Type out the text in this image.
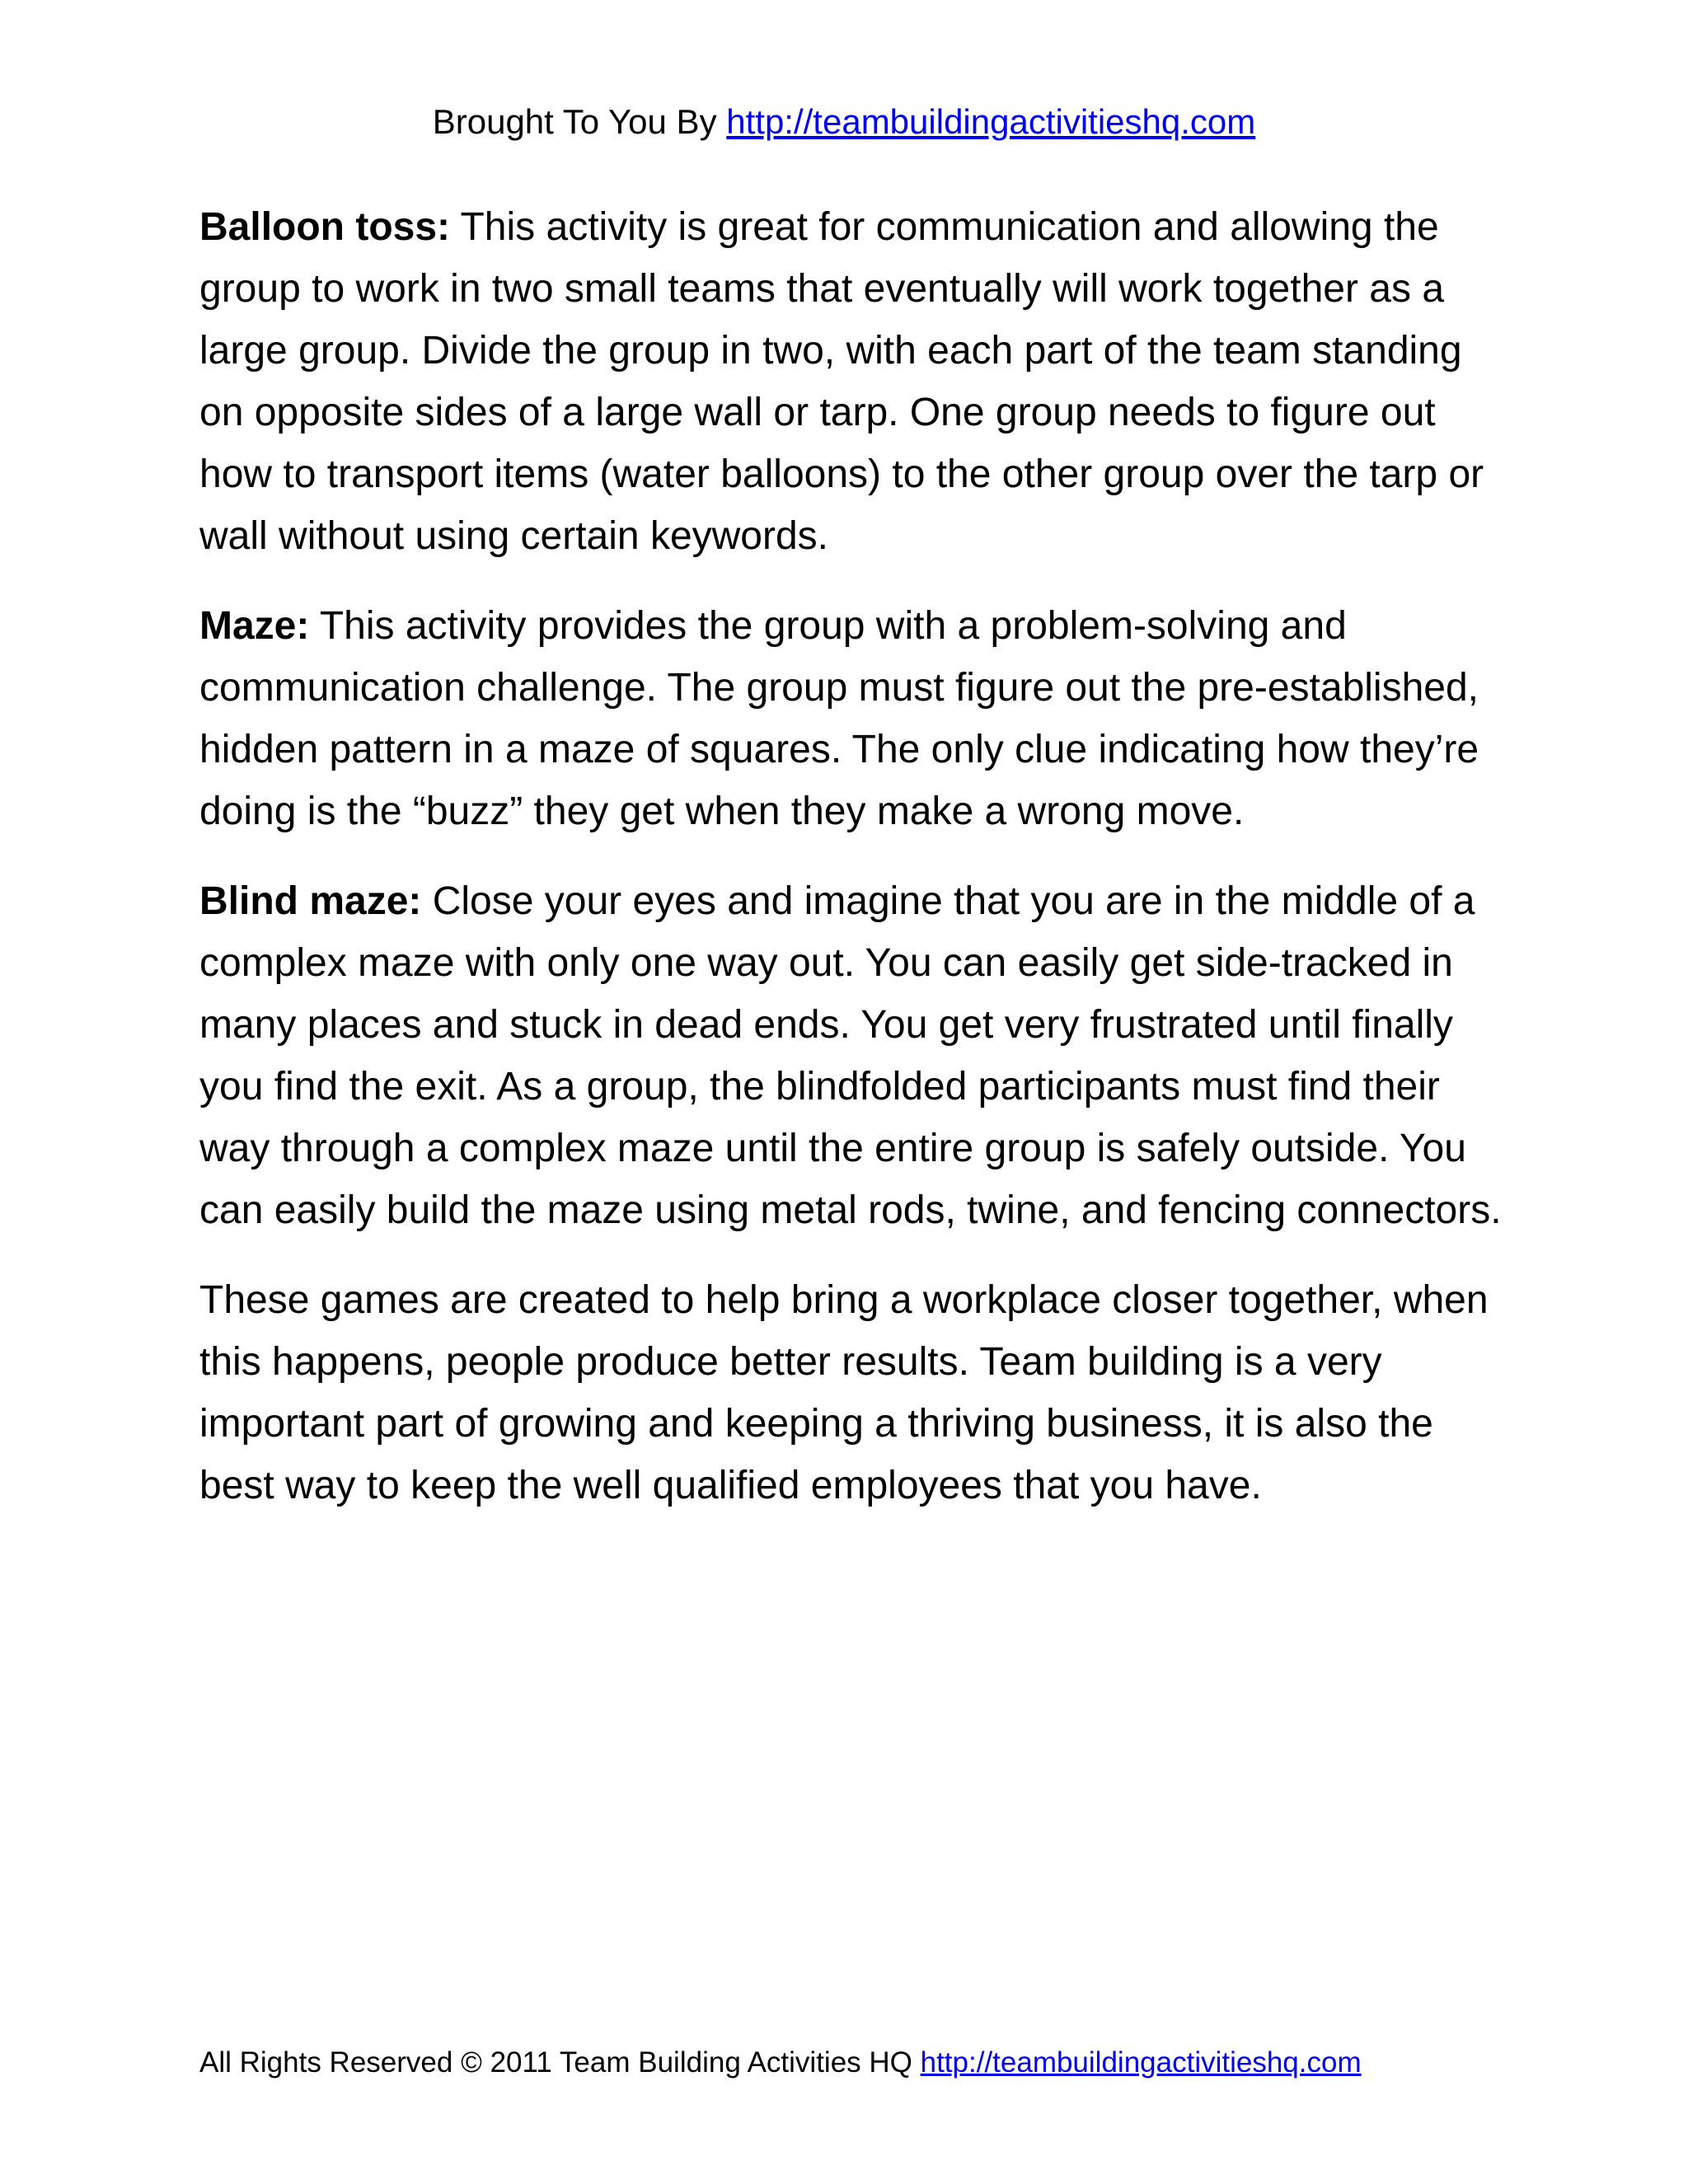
Brought To You By http://teambuildingactivitieshq.com

Balloon toss: This activity is great for communication and allowing the group to work in two small teams that eventually will work together as a large group. Divide the group in two, with each part of the team standing on opposite sides of a large wall or tarp. One group needs to figure out how to transport items (water balloons) to the other group over the tarp or wall without using certain keywords.

Maze: This activity provides the group with a problem-solving and communication challenge. The group must figure out the pre-established, hidden pattern in a maze of squares. The only clue indicating how they’re doing is the “buzz” they get when they make a wrong move.

Blind maze: Close your eyes and imagine that you are in the middle of a complex maze with only one way out. You can easily get side-tracked in many places and stuck in dead ends. You get very frustrated until finally you find the exit. As a group, the blindfolded participants must find their way through a complex maze until the entire group is safely outside. You can easily build the maze using metal rods, twine, and fencing connectors.

These games are created to help bring a workplace closer together, when this happens, people produce better results. Team building is a very important part of growing and keeping a thriving business, it is also the best way to keep the well qualified employees that you have.

All Rights Reserved © 2011 Team Building Activities HQ http://teambuildingactivitieshq.com
